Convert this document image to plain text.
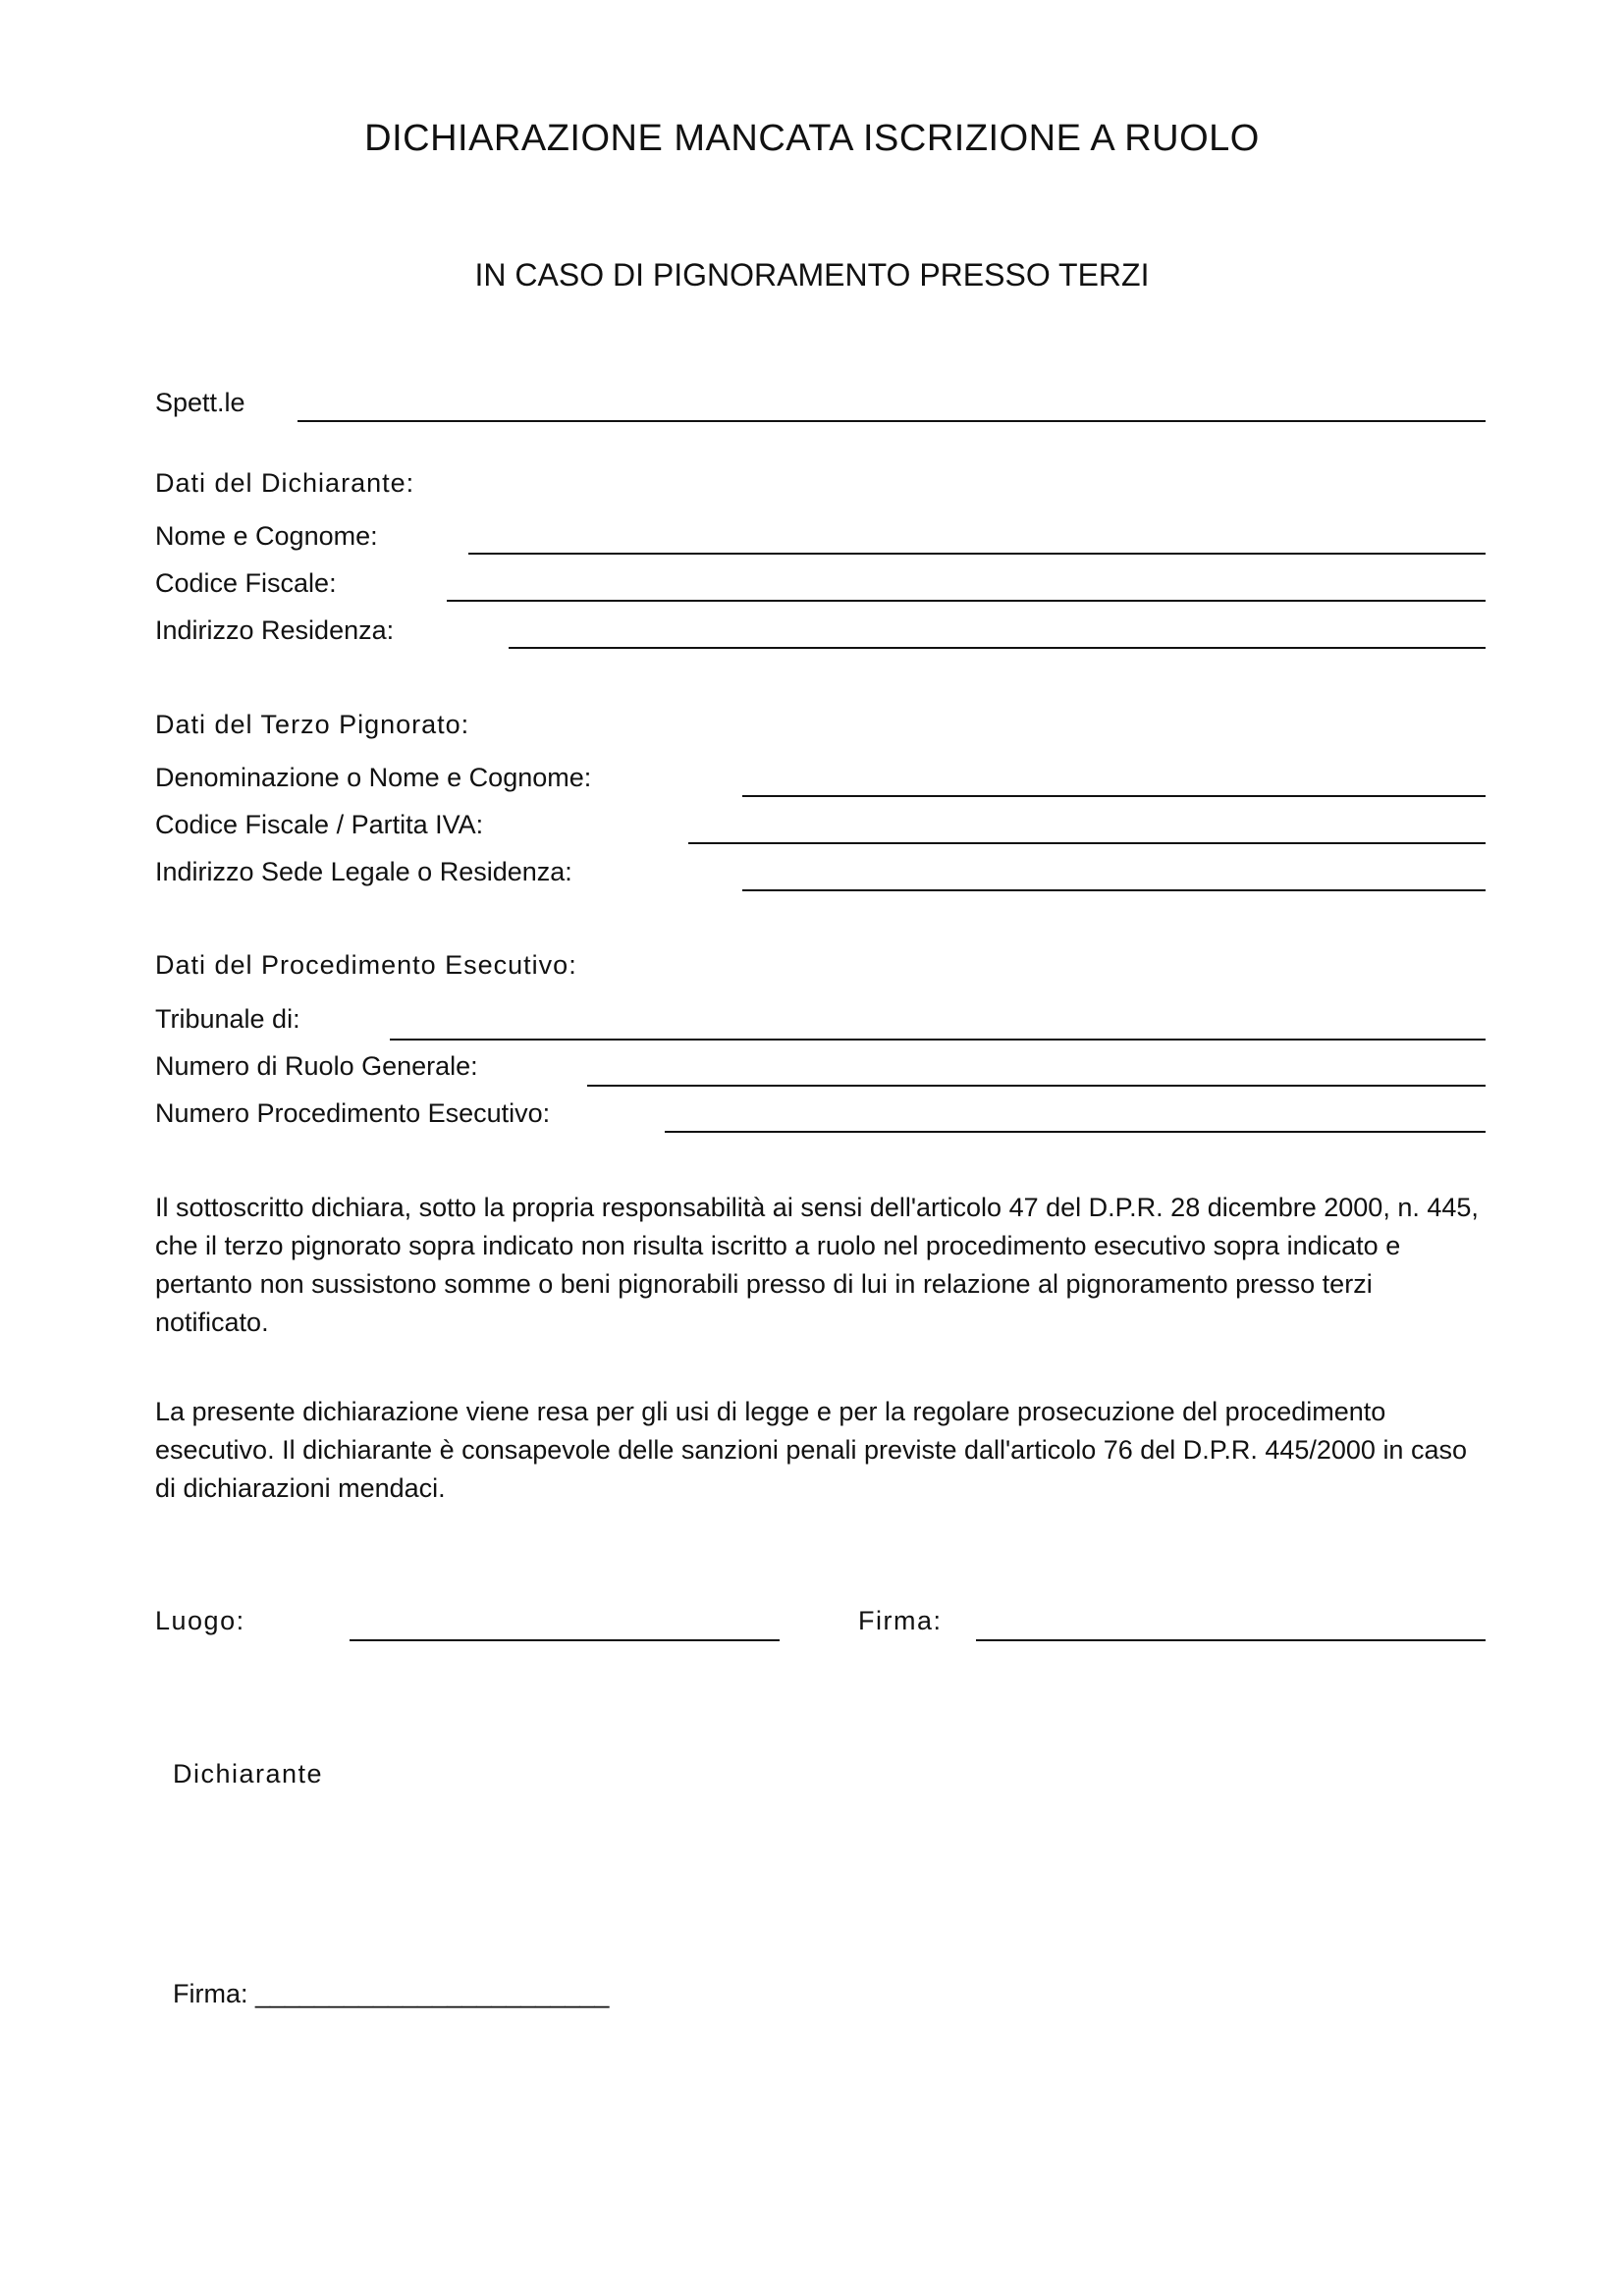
DICHIARAZIONE MANCATA ISCRIZIONE A RUOLO
IN CASO DI PIGNORAMENTO PRESSO TERZI
Spett.le
Dati del Dichiarante:
Nome e Cognome:
Codice Fiscale:
Indirizzo Residenza:
Dati del Terzo Pignorato:
Denominazione o Nome e Cognome:
Codice Fiscale / Partita IVA:
Indirizzo Sede Legale o Residenza:
Dati del Procedimento Esecutivo:
Tribunale di:
Numero di Ruolo Generale:
Numero Procedimento Esecutivo:
Il sottoscritto dichiara, sotto la propria responsabilità ai sensi dell'articolo 47 del D.P.R. 28 dicembre 2000, n. 445, che il terzo pignorato sopra indicato non risulta iscritto a ruolo nel procedimento esecutivo sopra indicato e pertanto non sussistono somme o beni pignorabili presso di lui in relazione al pignoramento presso terzi notificato.
La presente dichiarazione viene resa per gli usi di legge e per la regolare prosecuzione del procedimento esecutivo. Il dichiarante è consapevole delle sanzioni penali previste dall'articolo 76 del D.P.R. 445/2000 in caso di dichiarazioni mendaci.
Luogo:	Firma:
Dichiarante
Firma: ________________________
